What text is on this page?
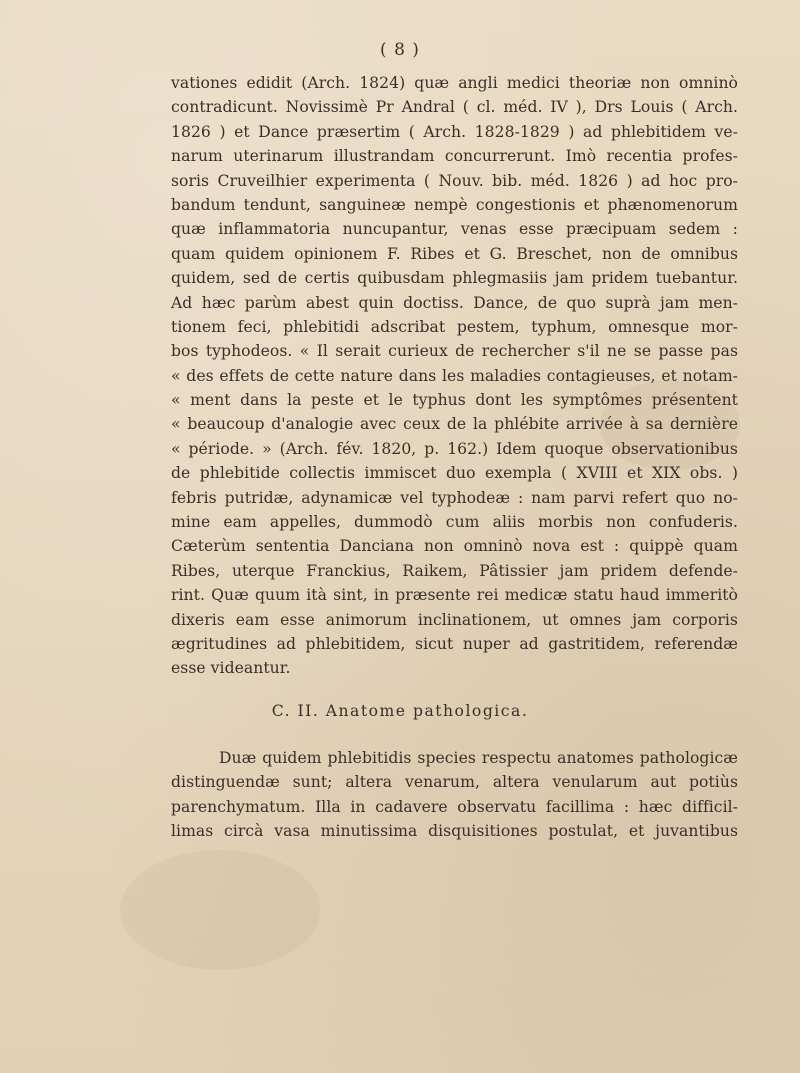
( 8 )
vationes edidit (Arch. 1824) quæ angli medici theoriæ non omninò
contradicunt. Novissimè Pr Andral ( cl. méd. IV ), Drs Louis ( Arch.
1826 ) et Dance præsertim ( Arch. 1828-1829 ) ad phlebitidem ve-
narum uterinarum illustrandam concurrerunt. Imò recentia profes-
soris Cruveilhier experimenta ( Nouv. bib. méd. 1826 ) ad hoc pro-
bandum tendunt, sanguineæ nempè congestionis et phænomenorum
quæ inflammatoria nuncupantur, venas esse præcipuam sedem :
quam quidem opinionem F. Ribes et G. Breschet, non de omnibus
quidem, sed de certis quibusdam phlegmasiis jam pridem tuebantur.
Ad hæc parùm abest quin doctiss. Dance, de quo suprà jam men-
tionem feci, phlebitidi adscribat pestem, typhum, omnesque mor-
bos typhodeos. « Il serait curieux de rechercher s'il ne se passe pas
« des effets de cette nature dans les maladies contagieuses, et notam-
« ment dans la peste et le typhus dont les symptômes présentent
« beaucoup d'analogie avec ceux de la phlébite arrivée à sa dernière
« période. » (Arch. fév. 1820, p. 162.) Idem quoque observationibus
de phlebitide collectis immiscet duo exempla ( XVIII et XIX obs. )
febris putridæ, adynamicæ vel typhodeæ : nam parvi refert quo no-
mine eam appelles, dummodò cum aliis morbis non confuderis.
Cæterùm sententia Danciana non omninò nova est : quippè quam
Ribes, uterque Franckius, Raikem, Pâtissier jam pridem defende-
rint. Quæ quum ità sint, in præsente rei medicæ statu haud immeritò
dixeris eam esse animorum inclinationem, ut omnes jam corporis
ægritudines ad phlebitidem, sicut nuper ad gastritidem, referendæ
esse videantur.
C. II. Anatome pathologica.
Duæ quidem phlebitidis species respectu anatomes pathologicæ
distinguendæ sunt; altera venarum, altera venularum aut potiùs
parenchymatum. Illa in cadavere observatu facillima : hæc difficil-
limas circà vasa minutissima disquisitiones postulat, et juvantibus
